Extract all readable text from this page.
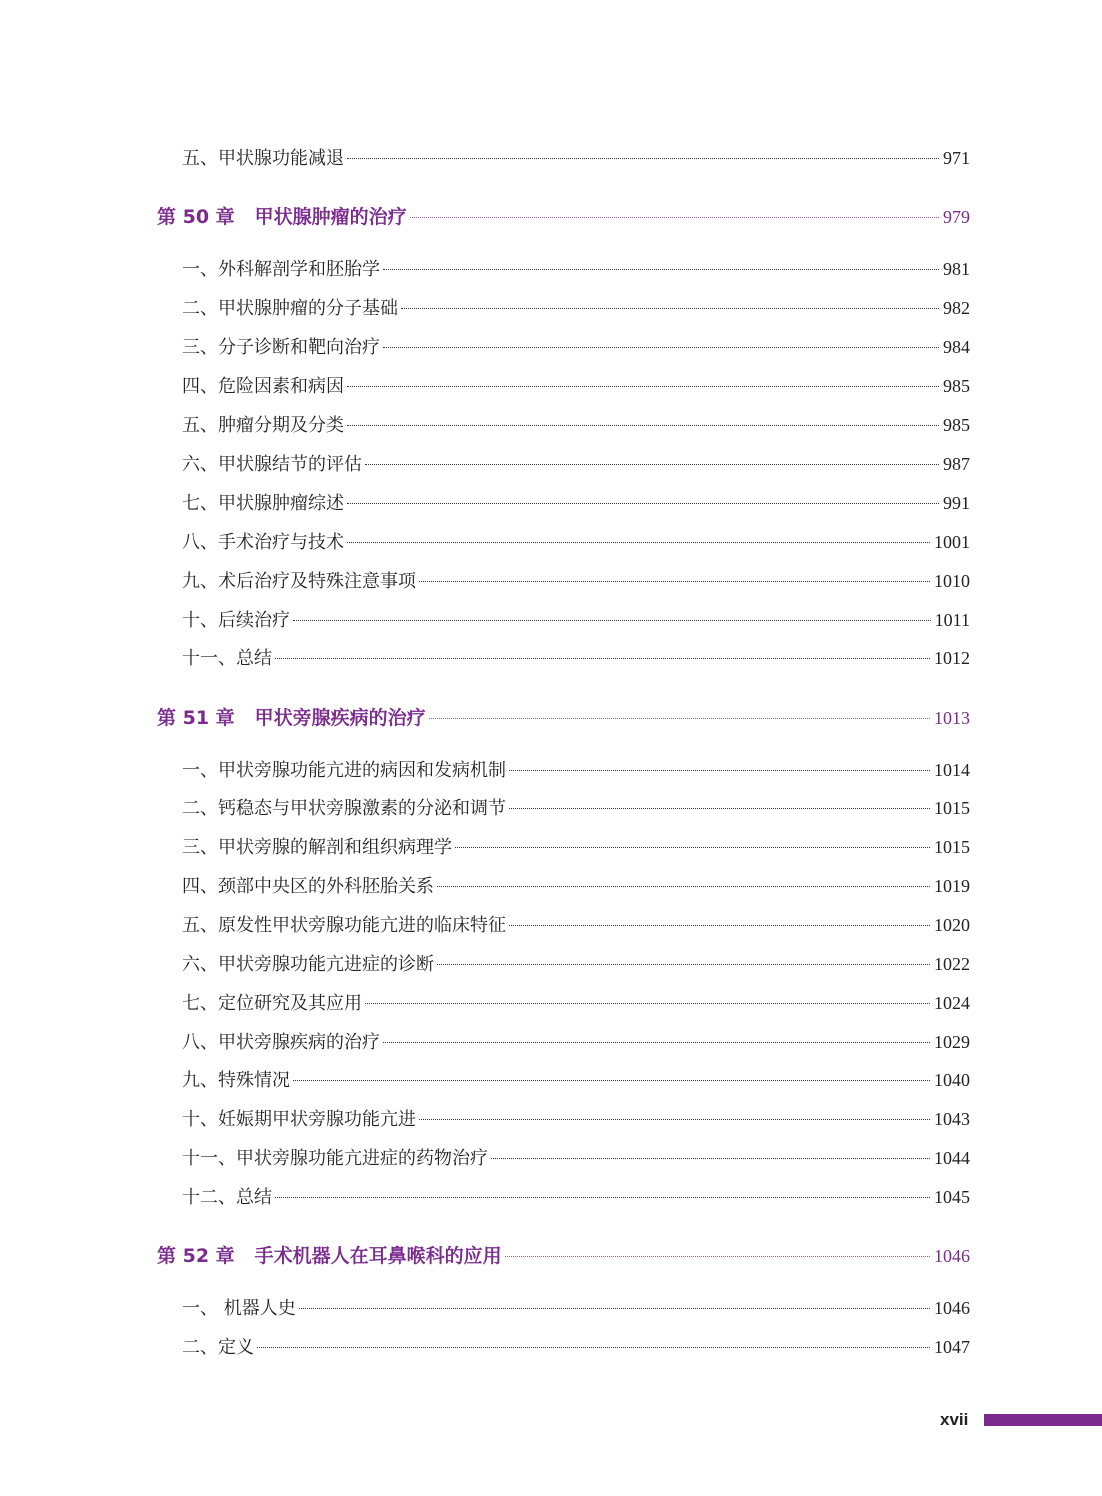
五、甲状腺功能减退	971
第 50 章 甲状腺肿瘤的治疗	979
一、外科解剖学和胚胎学	981
二、甲状腺肿瘤的分子基础	982
三、分子诊断和靶向治疗	984
四、危险因素和病因	985
五、肿瘤分期及分类	985
六、甲状腺结节的评估	987
七、甲状腺肿瘤综述	991
八、手术治疗与技术	1001
九、术后治疗及特殊注意事项	1010
十、后续治疗	1011
十一、总结	1012
第 51 章 甲状旁腺疾病的治疗	1013
一、甲状旁腺功能亢进的病因和发病机制	1014
二、钙稳态与甲状旁腺激素的分泌和调节	1015
三、甲状旁腺的解剖和组织病理学	1015
四、颈部中央区的外科胚胎关系	1019
五、原发性甲状旁腺功能亢进的临床特征	1020
六、甲状旁腺功能亢进症的诊断	1022
七、定位研究及其应用	1024
八、甲状旁腺疾病的治疗	1029
九、特殊情况	1040
十、妊娠期甲状旁腺功能亢进	1043
十一、甲状旁腺功能亢进症的药物治疗	1044
十二、总结	1045
第 52 章 手术机器人在耳鼻喉科的应用	1046
一、 机器人史	1046
二、定义	1047
xvii
